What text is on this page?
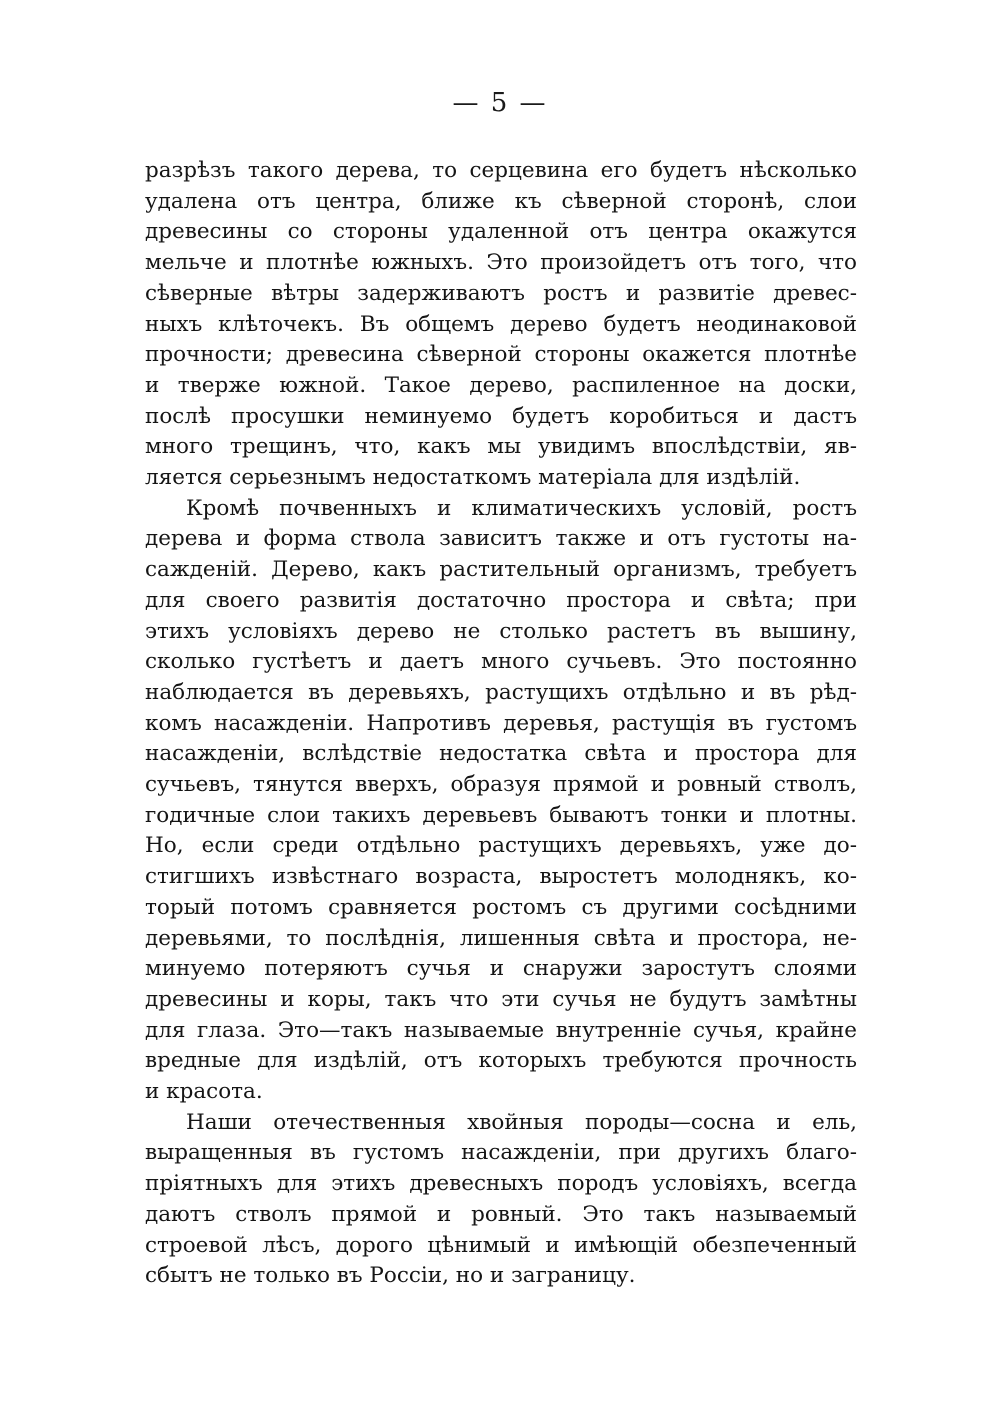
— 5 —
разрѣзъ такого дерева, то серцевина его будетъ нѣсколько
удалена отъ центра, ближе къ сѣверной сторонѣ, слои
древесины со стороны удаленной отъ центра окажутся
мельче и плотнѣе южныхъ. Это произойдетъ отъ того, что
сѣверные вѣтры задерживаютъ ростъ и развитіе древес-
ныхъ клѣточекъ. Въ общемъ дерево будетъ неодинаковой
прочности; древесина сѣверной стороны окажется плотнѣе
и тверже южной. Такое дерево, распиленное на доски,
послѣ просушки неминуемо будетъ коробиться и дастъ
много трещинъ, что, какъ мы увидимъ впослѣдствіи, яв-
ляется серьезнымъ недостаткомъ матеріала для издѣлій.
Кромѣ почвенныхъ и климатическихъ условій, ростъ
дерева и форма ствола зависитъ также и отъ густоты на-
сажденій. Дерево, какъ растительный организмъ, требуетъ
для своего развитія достаточно простора и свѣта; при
этихъ условіяхъ дерево не столько растетъ въ вышину,
сколько густѣетъ и даетъ много сучьевъ. Это постоянно
наблюдается въ деревьяхъ, растущихъ отдѣльно и въ рѣд-
комъ насажденіи. Напротивъ деревья, растущія въ густомъ
насажденіи, вслѣдствіе недостатка свѣта и простора для
сучьевъ, тянутся вверхъ, образуя прямой и ровный стволъ,
годичные слои такихъ деревьевъ бываютъ тонки и плотны.
Но, если среди отдѣльно растущихъ деревьяхъ, уже до-
стигшихъ извѣстнаго возраста, выростетъ молоднякъ, ко-
торый потомъ сравняется ростомъ съ другими сосѣдними
деревьями, то послѣднія, лишенныя свѣта и простора, не-
минуемо потеряютъ сучья и снаружи заростутъ слоями
древесины и коры, такъ что эти сучья не будутъ замѣтны
для глаза. Это—такъ называемые внутренніе сучья, крайне
вредные для издѣлій, отъ которыхъ требуются прочность
и красота.
Наши отечественныя хвойныя породы—сосна и ель,
выращенныя въ густомъ насажденіи, при другихъ благо-
пріятныхъ для этихъ древесныхъ породъ условіяхъ, всегда
даютъ стволъ прямой и ровный. Это такъ называемый
строевой лѣсъ, дорого цѣнимый и имѣющій обезпеченный
сбытъ не только въ Россіи, но и заграницу.
